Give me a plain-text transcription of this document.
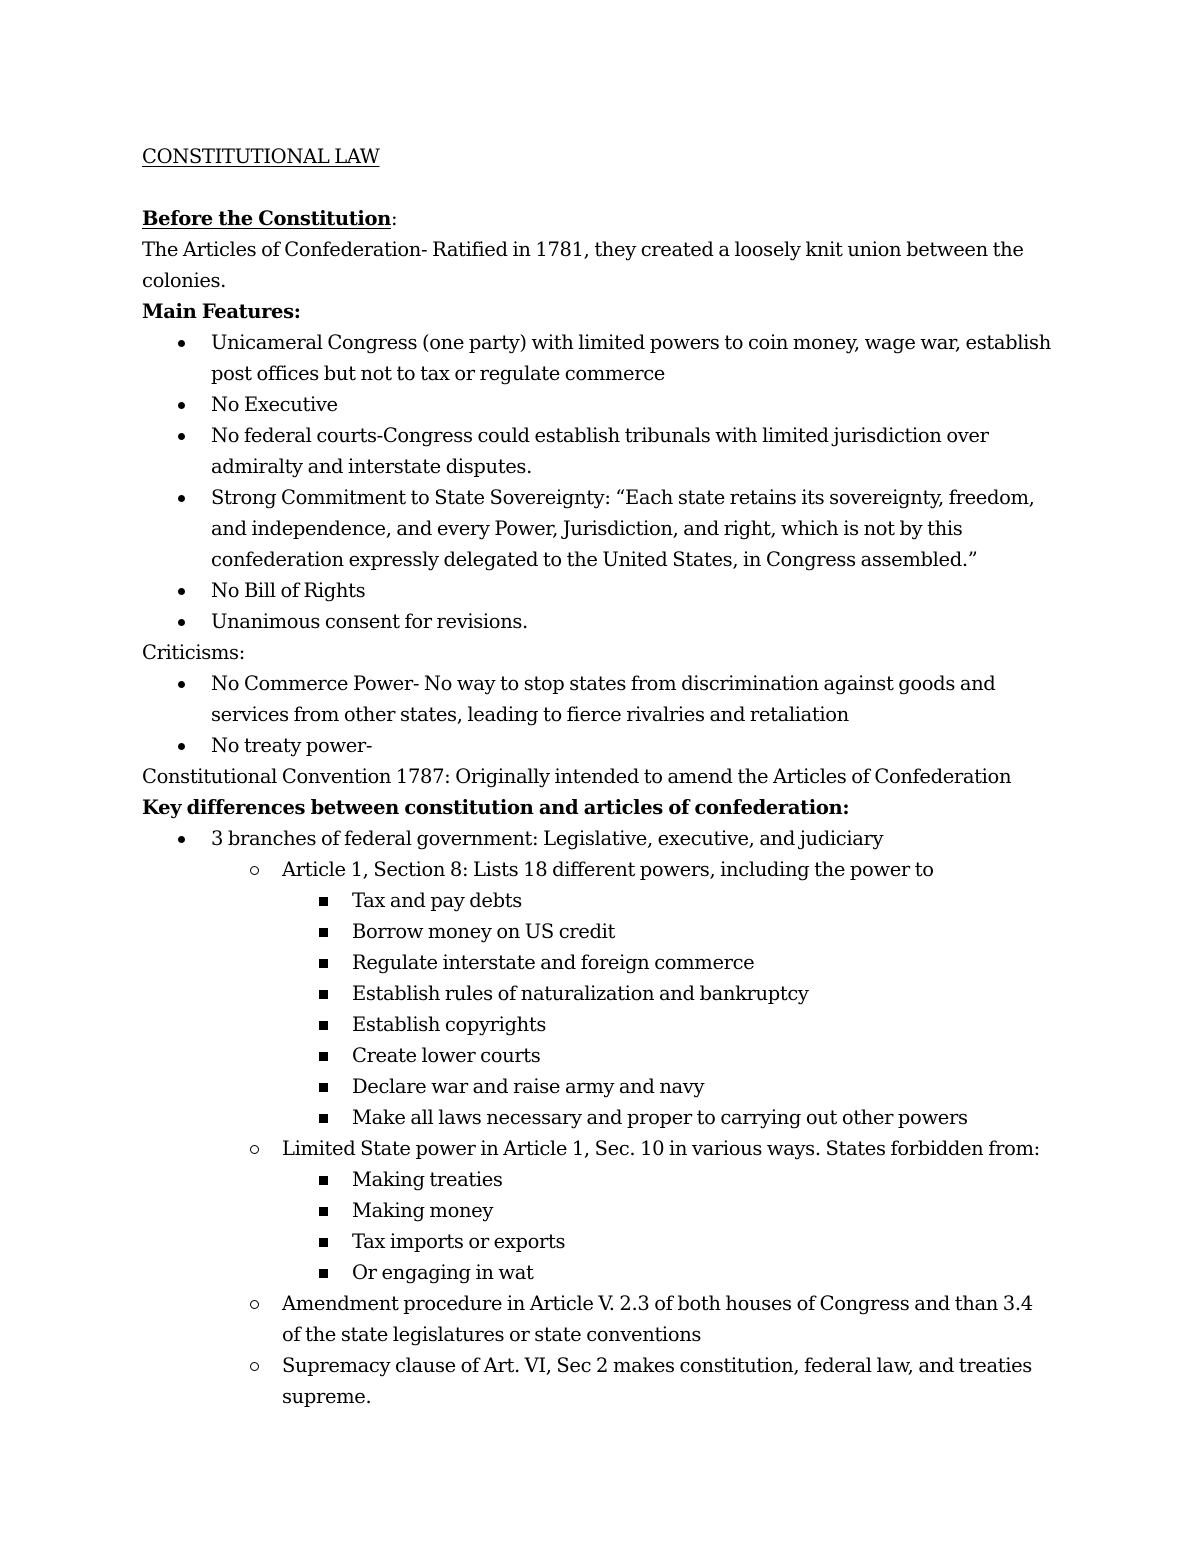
CONSTITUTIONAL LAW
Before the Constitution:
The Articles of Confederation- Ratified in 1781, they created a loosely knit union between the
colonies.
Main Features:
Unicameral Congress (one party) with limited powers to coin money, wage war, establish
post offices but not to tax or regulate commerce
No Executive
No federal courts-Congress could establish tribunals with limited jurisdiction over
admiralty and interstate disputes.
Strong Commitment to State Sovereignty: “Each state retains its sovereignty, freedom,
and independence, and every Power, Jurisdiction, and right, which is not by this
confederation expressly delegated to the United States, in Congress assembled.”
No Bill of Rights
Unanimous consent for revisions.
Criticisms:
No Commerce Power- No way to stop states from discrimination against goods and
services from other states, leading to fierce rivalries and retaliation
No treaty power-
Constitutional Convention 1787: Originally intended to amend the Articles of Confederation
Key differences between constitution and articles of confederation:
3 branches of federal government: Legislative, executive, and judiciary
Article 1, Section 8: Lists 18 different powers, including the power to
Tax and pay debts
Borrow money on US credit
Regulate interstate and foreign commerce
Establish rules of naturalization and bankruptcy
Establish copyrights
Create lower courts
Declare war and raise army and navy
Make all laws necessary and proper to carrying out other powers
Limited State power in Article 1, Sec. 10 in various ways. States forbidden from:
Making treaties
Making money
Tax imports or exports
Or engaging in wat
Amendment procedure in Article V. 2.3 of both houses of Congress and than 3.4
of the state legislatures or state conventions
Supremacy clause of Art. VI, Sec 2 makes constitution, federal law, and treaties
supreme.
